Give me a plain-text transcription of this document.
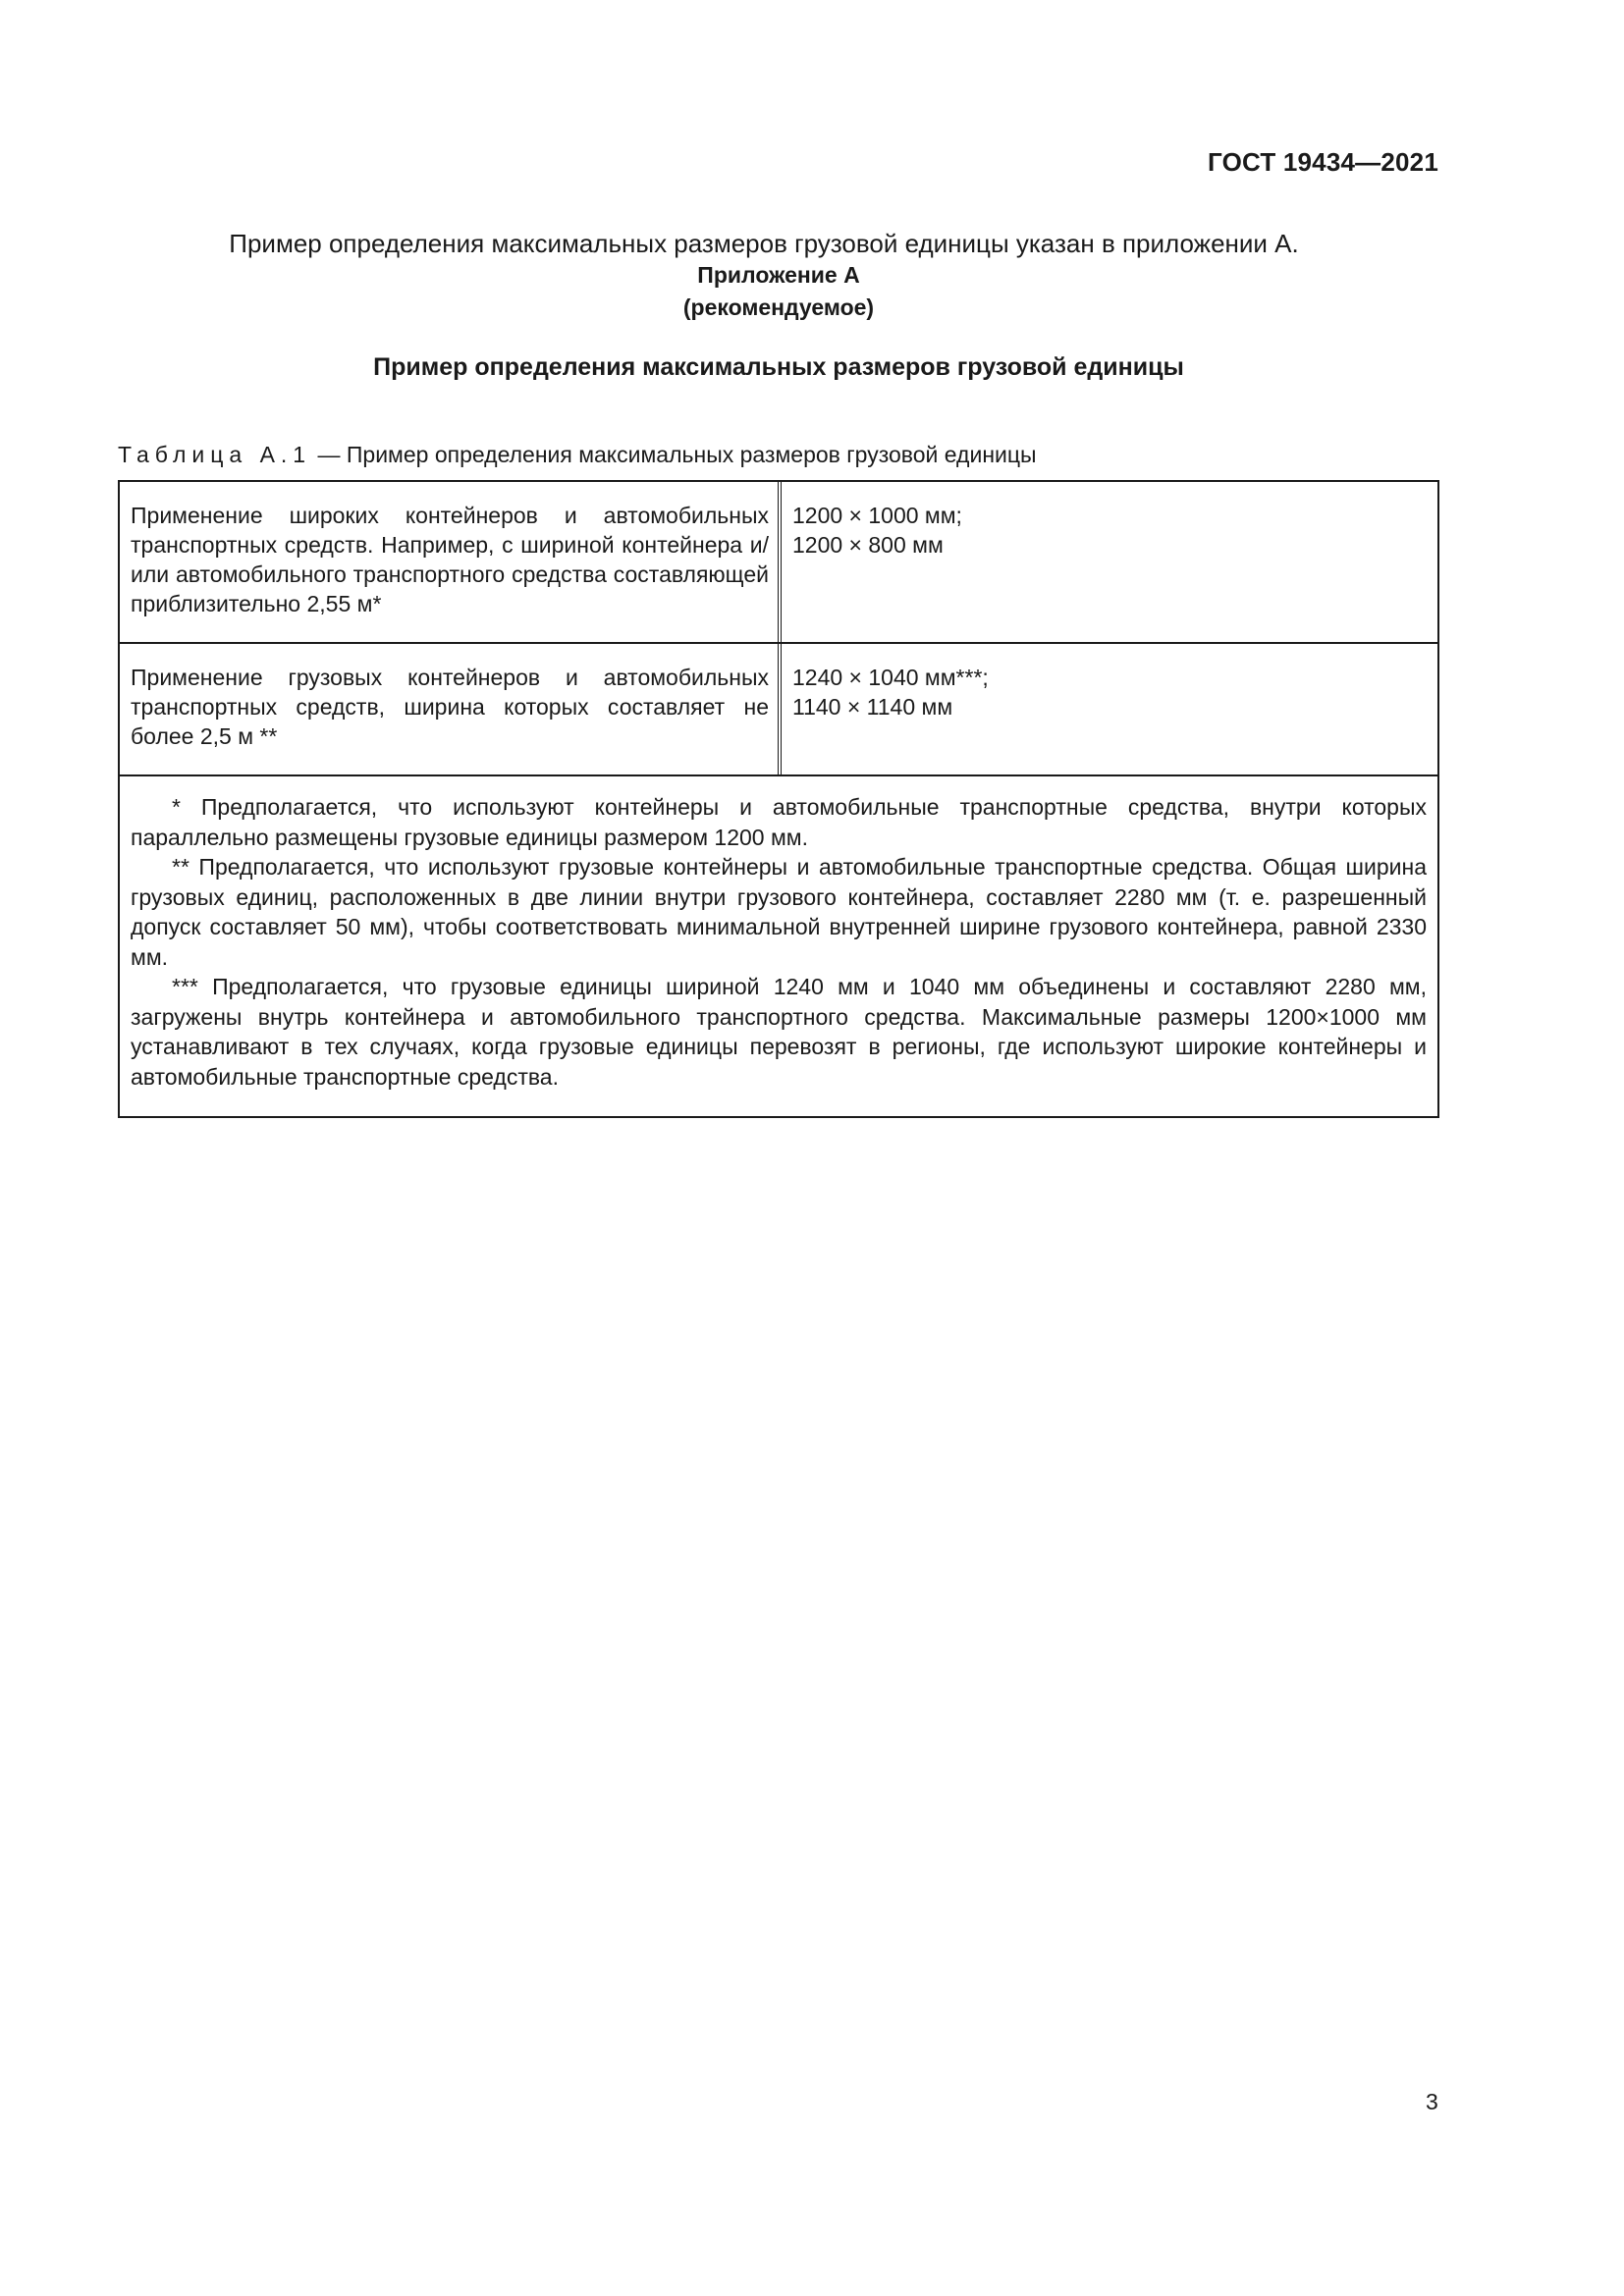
ГОСТ 19434—2021
Пример определения максимальных размеров грузовой единицы указан в приложении А.
Приложение А
(рекомендуемое)
Пример определения максимальных размеров грузовой единицы
Таблица А.1 — Пример определения максимальных размеров грузовой единицы
Применение широких контейнеров и автомобильных транспортных средств. Например, с шириной контейнера и/или автомобильного транспортного средства составляющей приблизительно 2,55 м*
1200 × 1000 мм;
1200 × 800 мм
Применение грузовых контейнеров и автомобильных транспортных средств, ширина которых составляет не более 2,5 м **
1240 × 1040 мм***;
1140 × 1140 мм

* Предполагается, что используют контейнеры и автомобильные транспортные средства, внутри которых параллельно размещены грузовые единицы размером 1200 мм.

** Предполагается, что используют грузовые контейнеры и автомобильные транспортные средства. Общая ширина грузовых единиц, расположенных в две линии внутри грузового контейнера, составляет 2280 мм (т. е. разрешенный допуск составляет 50 мм), чтобы соответствовать минимальной внутренней ширине грузового контейнера, равной 2330 мм.

*** Предполагается, что грузовые единицы шириной 1240 мм и 1040 мм объединены и составляют 2280 мм, загружены внутрь контейнера и автомобильного транспортного средства. Максимальные размеры 1200×1000 мм устанавливают в тех случаях, когда грузовые единицы перевозят в регионы, где используют широкие контейнеры и автомобильные транспортные средства.

3
